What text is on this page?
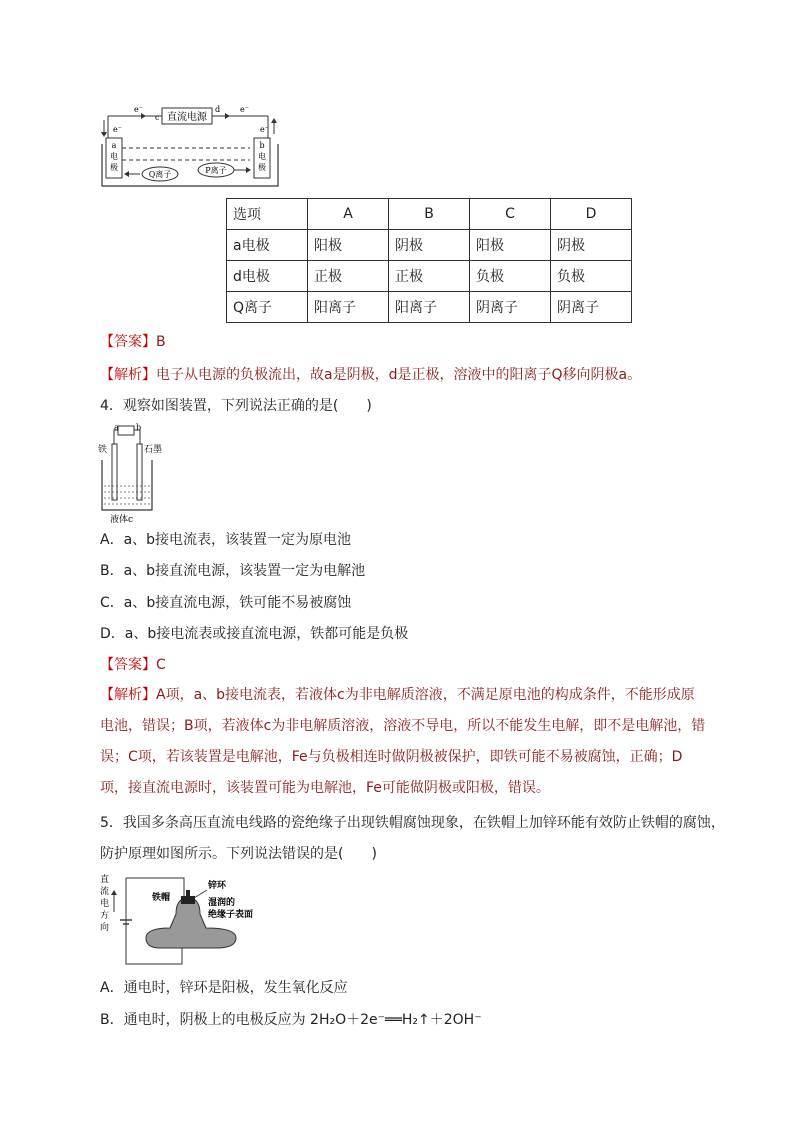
直流电源
e⁻
c
d e⁻
e⁻	e⁻
a
电
极
b
电
极
Q离子	P离子
选项	A	B	C	D
a电极	阳极	阴极	阳极	阴极
d电极	正极	正极	负极	负极
Q离子	阳离子	阳离子	阴离子	阴离子
【答案】B
【解析】电子从电源的负极流出，故a是阴极，d是正极，溶液中的阳离子Q移向阴极a。
4．观察如图装置，下列说法正确的是(　　)
a b
铁	石墨
液体c
A．a、b接电流表，该装置一定为原电池
B．a、b接直流电源，该装置一定为电解池
C．a、b接直流电源，铁可能不易被腐蚀
D．a、b接电流表或接直流电源，铁都可能是负极
【答案】C
【解析】A项，a、b接电流表，若液体c为非电解质溶液，不满足原电池的构成条件，不能形成原电池，错误；B项，若液体c为非电解质溶液，溶液不导电，所以不能发生电解，即不是电解池，错误；C项，若该装置是电解池，Fe与负极相连时做阴极被保护，即铁可能不易被腐蚀，正确；D项，接直流电源时，该装置可能为电解池，Fe可能做阴极或阳极，错误。
5．我国多条高压直流电线路的瓷绝缘子出现铁帽腐蚀现象，在铁帽上加锌环能有效防止铁帽的腐蚀，
防护原理如图所示。下列说法错误的是(　　)
直
流
电
方
向
铁帽
锌环
湿润的
绝缘子表面
A．通电时，锌环是阳极，发生氧化反应
B．通电时，阴极上的电极反应为 2H₂O＋2e⁻══H₂↑＋2OH⁻
